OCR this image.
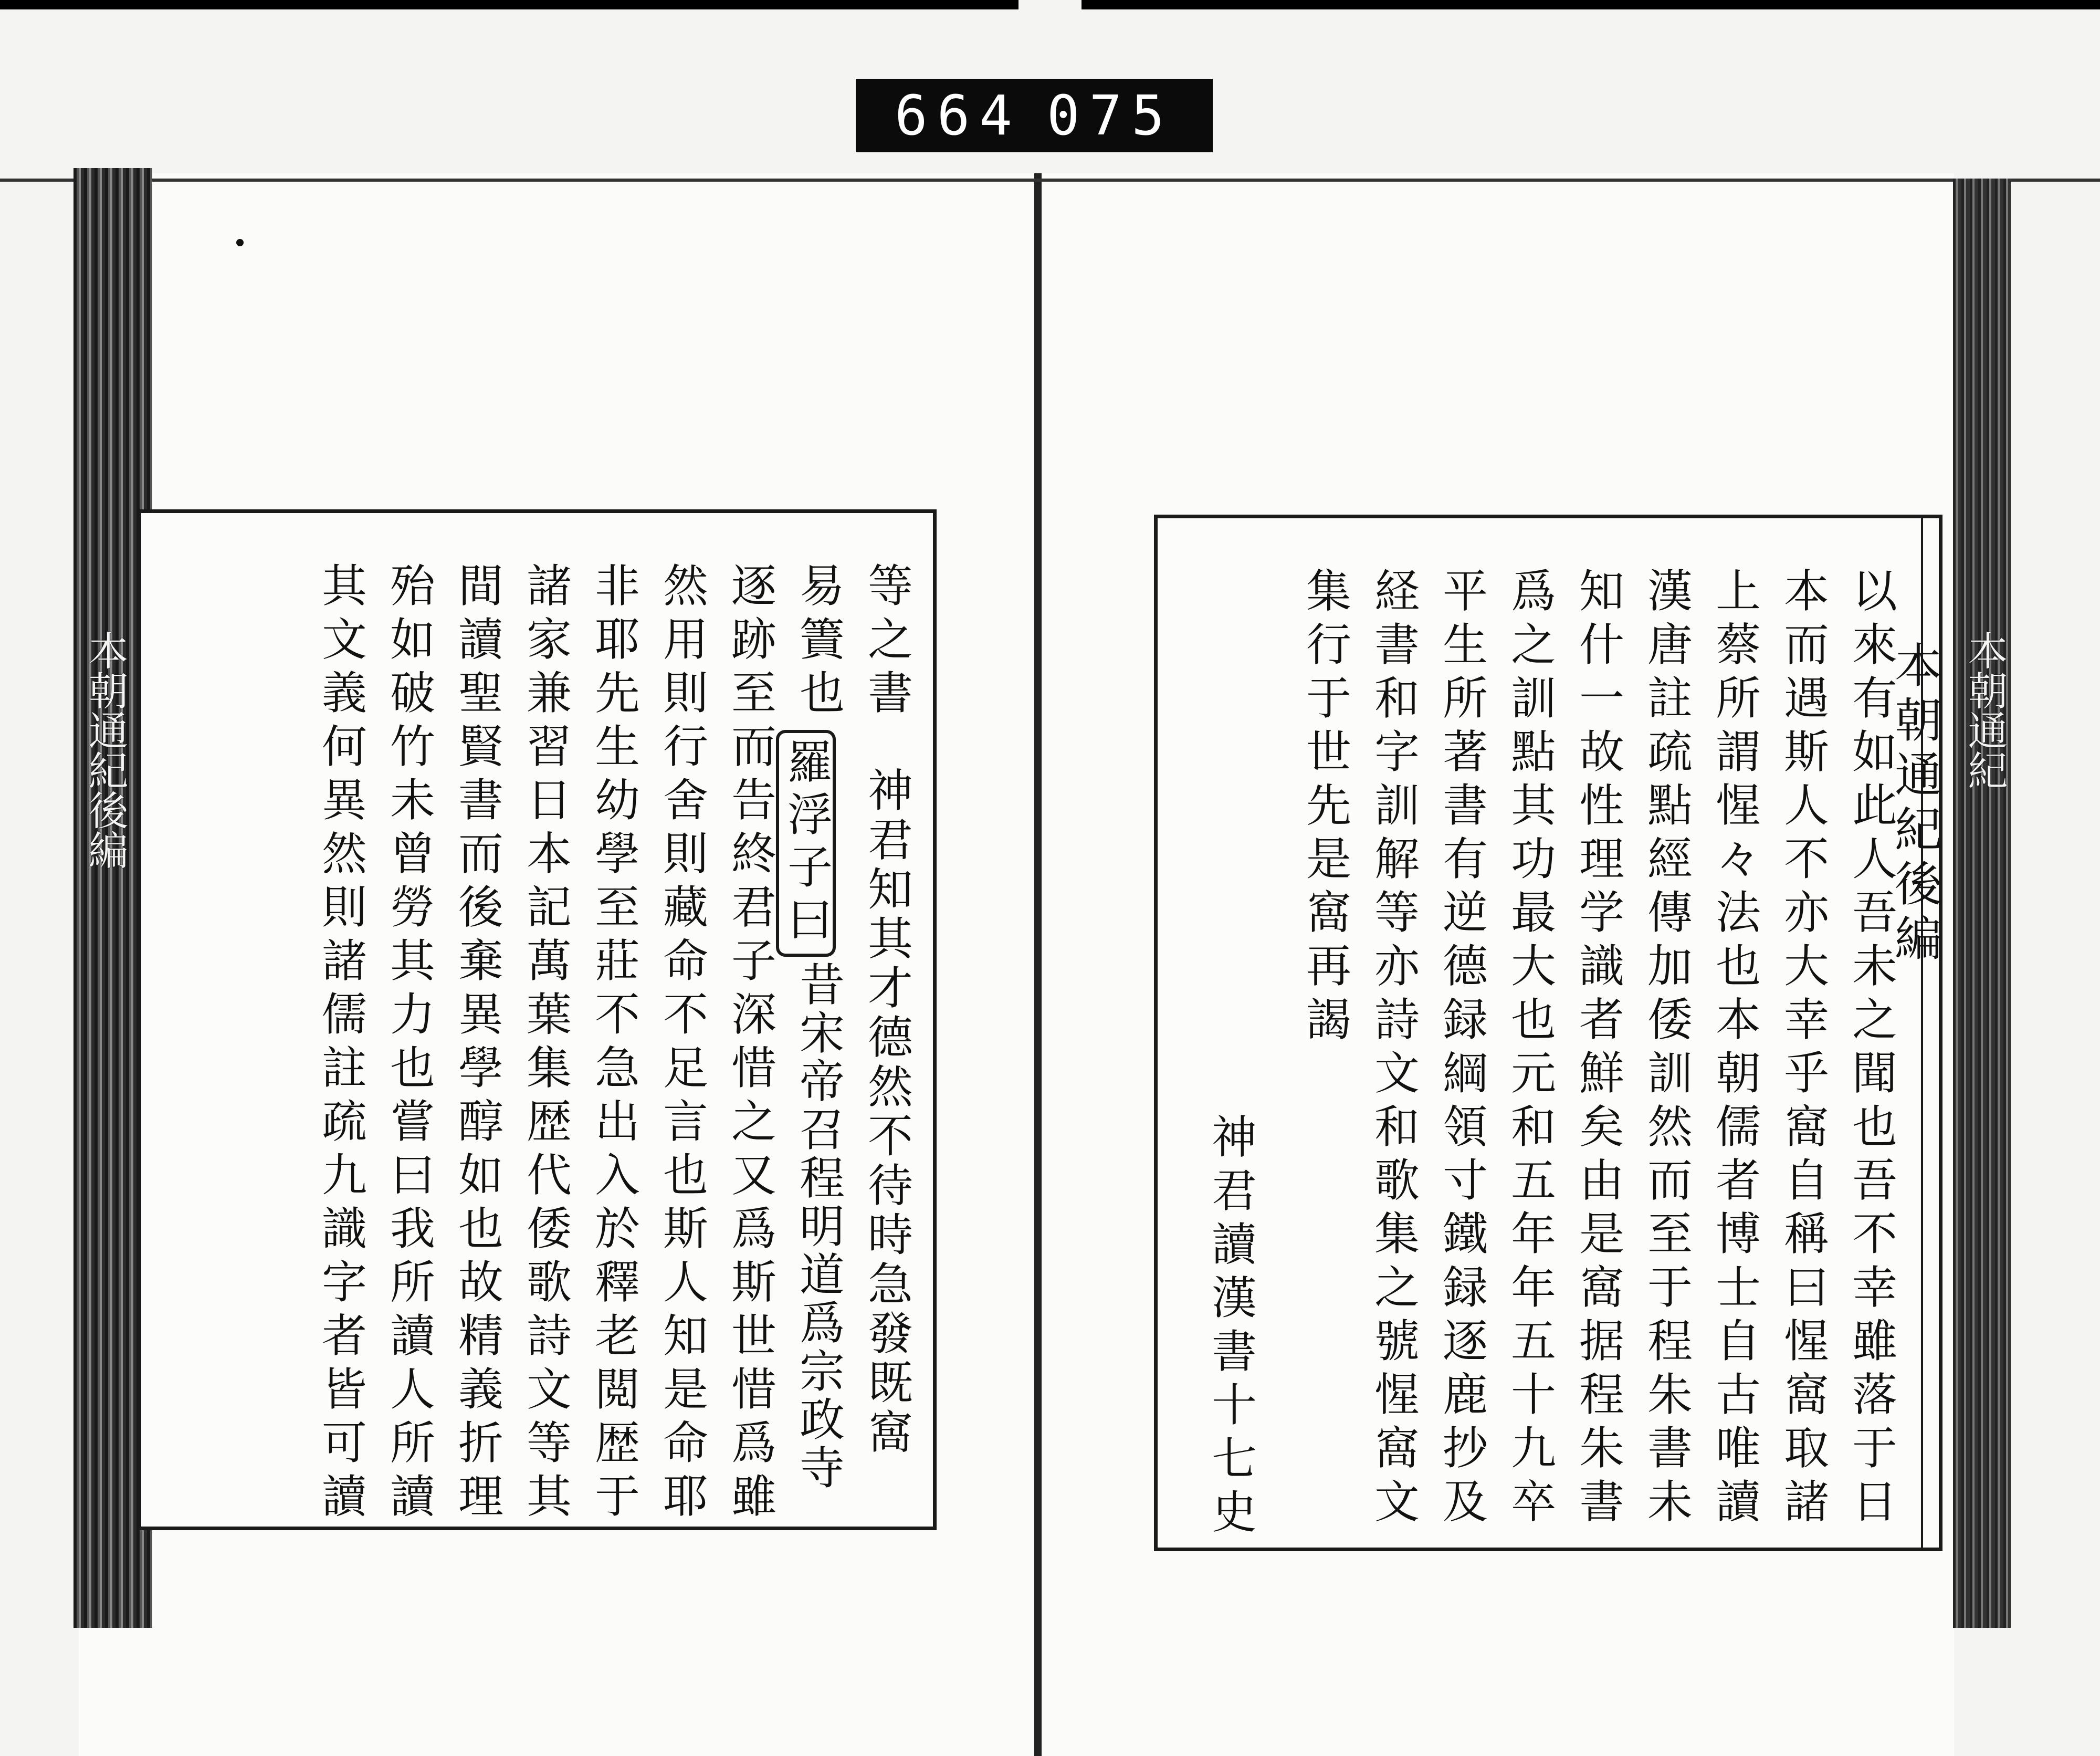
本朝通紀後編	本朝通紀
664 075
本朝通紀後編
以來有如此人吾未之聞也吾不幸雖落于日
本而遇斯人不亦大幸乎窩自稱曰惺窩取諸
上蔡所謂惺々法也本朝儒者博士自古唯讀
漢唐註疏點經傳加倭訓然而至于程朱書未
知什一故性理学識者鮮矣由是窩据程朱書
爲之訓點其功最大也元和五年年五十九卒
平生所著書有逆德録綱領寸鐵録逐鹿抄及
経書和字訓解等亦詩文和歌集之號惺窩文
集行于世先是窩再謁
神君讀漢書十七史
等之書
神君知其才德然不待時急發既窩
易簀也
羅浮子曰
昔宋帝召程明道爲宗政寺
逐跡至而告終君子深惜之又爲斯世惜爲雖
然用則行舍則藏命不足言也斯人知是命耶
非耶先生幼學至莊不急出入於釋老閲歴于
諸家兼習日本記萬葉集歴代倭歌詩文等其
間讀聖賢書而後棄異學醇如也故精義折理
殆如破竹未曾勞其力也嘗曰我所讀人所讀
其文義何異然則諸儒註疏九識字者皆可讀
